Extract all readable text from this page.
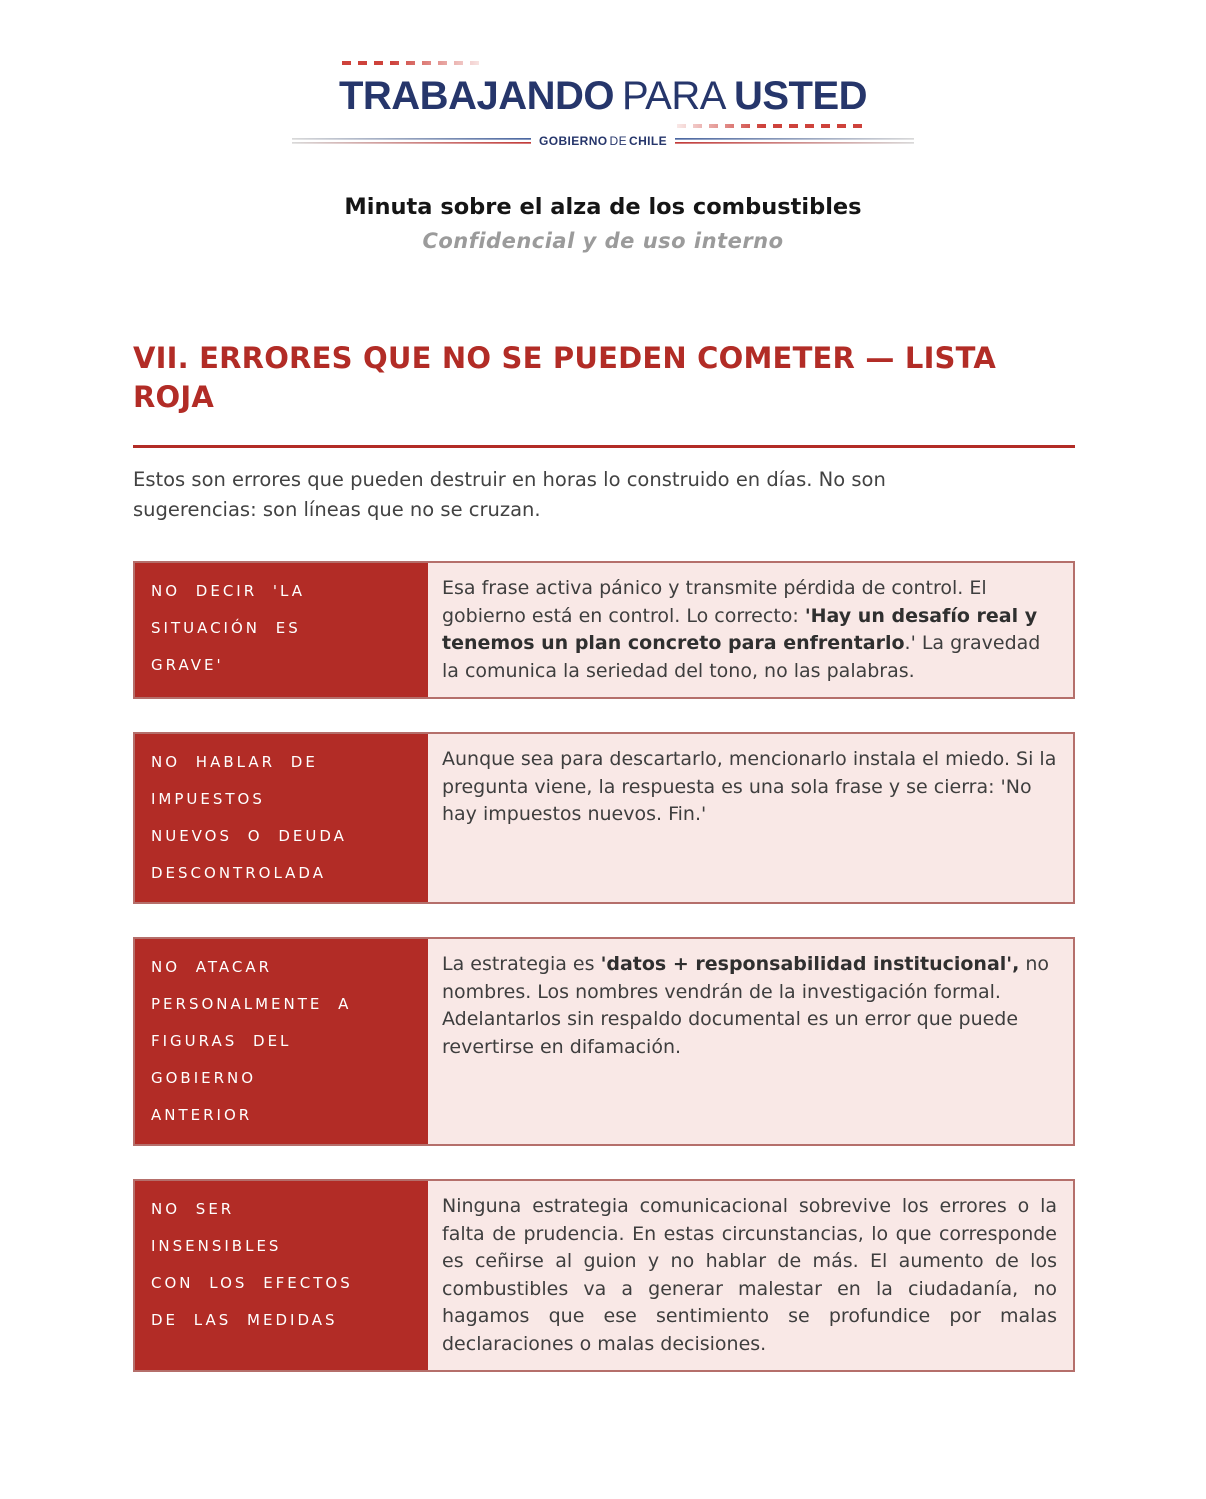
TRABAJANDO PARA USTED
GOBIERNO DE CHILE
Minuta sobre el alza de los combustibles
Confidencial y de uso interno
VII. ERRORES QUE NO SE PUEDEN COMETER — LISTA ROJA

Estos son errores que pueden destruir en horas lo construido en días. No son sugerencias: son líneas que no se cruzan.

NO DECIR 'LA
SITUACIÓN ES
GRAVE'
Esa frase activa pánico y transmite pérdida de control. El gobierno está en control. Lo correcto: 'Hay un desafío real y tenemos un plan concreto para enfrentarlo.' La gravedad la comunica la seriedad del tono, no las palabras.
NO HABLAR DE
IMPUESTOS
NUEVOS O DEUDA
DESCONTROLADA
Aunque sea para descartarlo, mencionarlo instala el miedo. Si la pregunta viene, la respuesta es una sola frase y se cierra: 'No hay impuestos nuevos. Fin.'
NO ATACAR
PERSONALMENTE A
FIGURAS DEL
GOBIERNO
ANTERIOR
La estrategia es 'datos + responsabilidad institucional', no nombres. Los nombres vendrán de la investigación formal. Adelantarlos sin respaldo documental es un error que puede revertirse en difamación.
NO SER
INSENSIBLES
CON LOS EFECTOS
DE LAS MEDIDAS
Ninguna estrategia comunicacional sobrevive los errores o la falta de prudencia. En estas circunstancias, lo que corresponde es ceñirse al guion y no hablar de más. El aumento de los combustibles va a generar malestar en la ciudadanía, no hagamos que ese sentimiento se profundice por malas declaraciones o malas decisiones.
